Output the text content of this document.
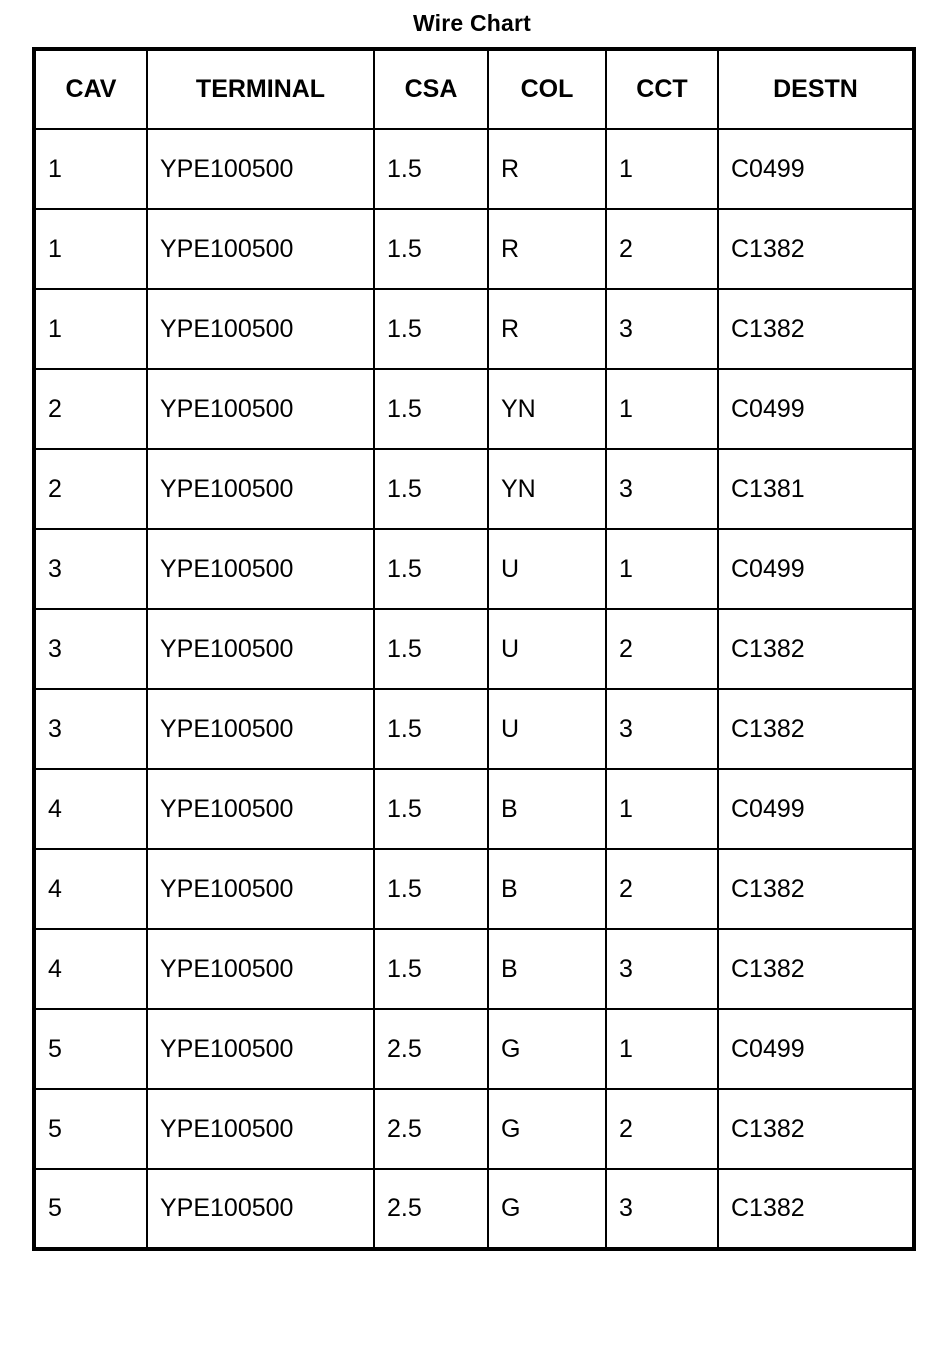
Wire Chart
CAV	TERMINAL	CSA	COL	CCT	DESTN
1	YPE100500	1.5	R	1	C0499
1	YPE100500	1.5	R	2	C1382
1	YPE100500	1.5	R	3	C1382
2	YPE100500	1.5	YN	1	C0499
2	YPE100500	1.5	YN	3	C1381
3	YPE100500	1.5	U	1	C0499
3	YPE100500	1.5	U	2	C1382
3	YPE100500	1.5	U	3	C1382
4	YPE100500	1.5	B	1	C0499
4	YPE100500	1.5	B	2	C1382
4	YPE100500	1.5	B	3	C1382
5	YPE100500	2.5	G	1	C0499
5	YPE100500	2.5	G	2	C1382
5	YPE100500	2.5	G	3	C1382
